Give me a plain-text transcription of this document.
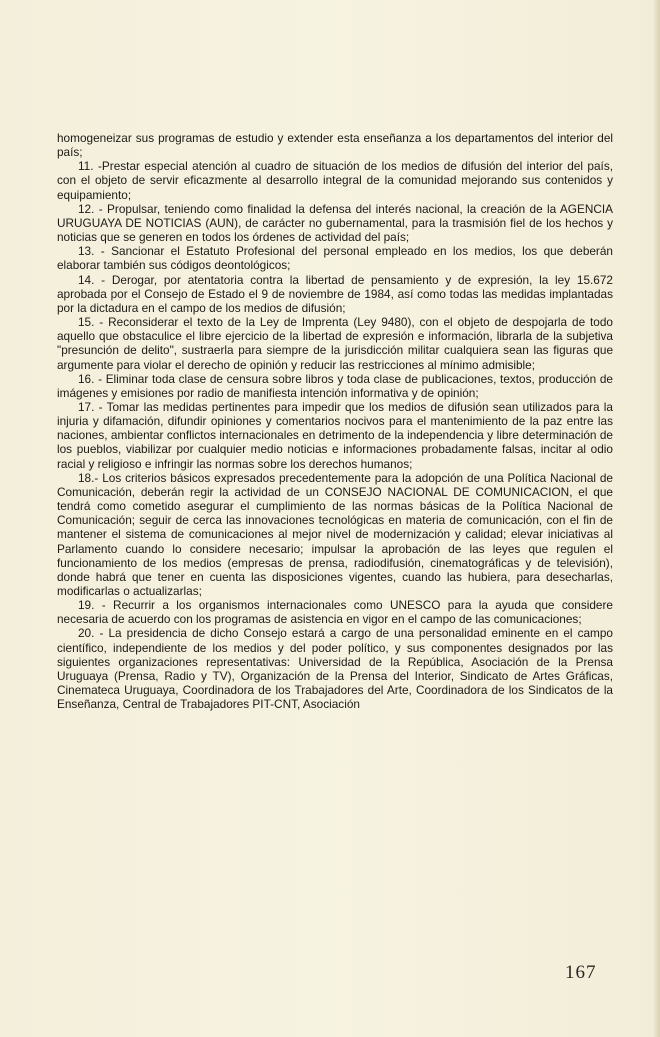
homogeneizar sus programas de estudio y extender esta enseñanza a los departamentos del interior del país;

11. -Prestar especial atención al cuadro de situación de los medios de difusión del interior del país, con el objeto de servir eficazmente al desarrollo integral de la comunidad mejorando sus contenidos y equipamiento;

12. - Propulsar, teniendo como finalidad la defensa del interés nacional, la creación de la AGENCIA URUGUAYA DE NOTICIAS (AUN), de carácter no gubernamental, para la trasmisión fiel de los hechos y noticias que se generen en todos los órdenes de actividad del país;

13. - Sancionar el Estatuto Profesional del personal empleado en los medios, los que deberán elaborar también sus códigos deontológicos;

14. - Derogar, por atentatoria contra la libertad de pensamiento y de expresión, la ley 15.672 aprobada por el Consejo de Estado el 9 de noviembre de 1984, así como todas las medidas implantadas por la dictadura en el campo de los medios de difusión;

15. - Reconsiderar el texto de la Ley de Imprenta (Ley 9480), con el objeto de despojarla de todo aquello que obstaculice el libre ejercicio de la libertad de expresión e información, librarla de la subjetiva "presunción de delito", sustraerla para siempre de la jurisdicción militar cualquiera sean las figuras que argumente para violar el derecho de opinión y reducir las restricciones al mínimo admisible;

16. - Eliminar toda clase de censura sobre libros y toda clase de publicaciones, textos, producción de imágenes y emisiones por radio de manifiesta intención informativa y de opinión;

17. - Tomar las medidas pertinentes para impedir que los medios de difusión sean utilizados para la injuria y difamación, difundir opiniones y comentarios nocivos para el mantenimiento de la paz entre las naciones, ambientar conflictos internacionales en detrimento de la independencia y libre determinación de los pueblos, viabilizar por cualquier medio noticias e informaciones probadamente falsas, incitar al odio racial y religioso e infringir las normas sobre los derechos humanos;

18.- Los criterios básicos expresados precedentemente para la adopción de una Política Nacional de Comunicación, deberán regir la actividad de un CONSEJO NACIONAL DE COMUNICACION, el que tendrá como cometido asegurar el cumplimiento de las normas básicas de la Política Nacional de Comunicación; seguir de cerca las innovaciones tecnológicas en materia de comunicación, con el fin de mantener el sistema de comunicaciones al mejor nivel de modernización y calidad; elevar iniciativas al Parlamento cuando lo considere necesario; impulsar la aprobación de las leyes que regulen el funcionamiento de los medios (empresas de prensa, radiodifusión, cinematográficas y de televisión), donde habrá que tener en cuenta las disposiciones vigentes, cuando las hubiera, para desecharlas, modificarlas o actualizarlas;

19. - Recurrir a los organismos internacionales como UNESCO para la ayuda que considere necesaria de acuerdo con los programas de asistencia en vigor en el campo de las comunicaciones;

20. - La presidencia de dicho Consejo estará a cargo de una personalidad eminente en el campo científico, independiente de los medios y del poder político, y sus componentes designados por las siguientes organizaciones representativas: Universidad de la República, Asociación de la Prensa Uruguaya (Prensa, Radio y TV), Organización de la Prensa del Interior, Sindicato de Artes Gráficas, Cinemateca Uruguaya, Coordinadora de los Trabajadores del Arte, Coordinadora de los Sindicatos de la Enseñanza, Central de Trabajadores PIT-CNT, Asociación

167
